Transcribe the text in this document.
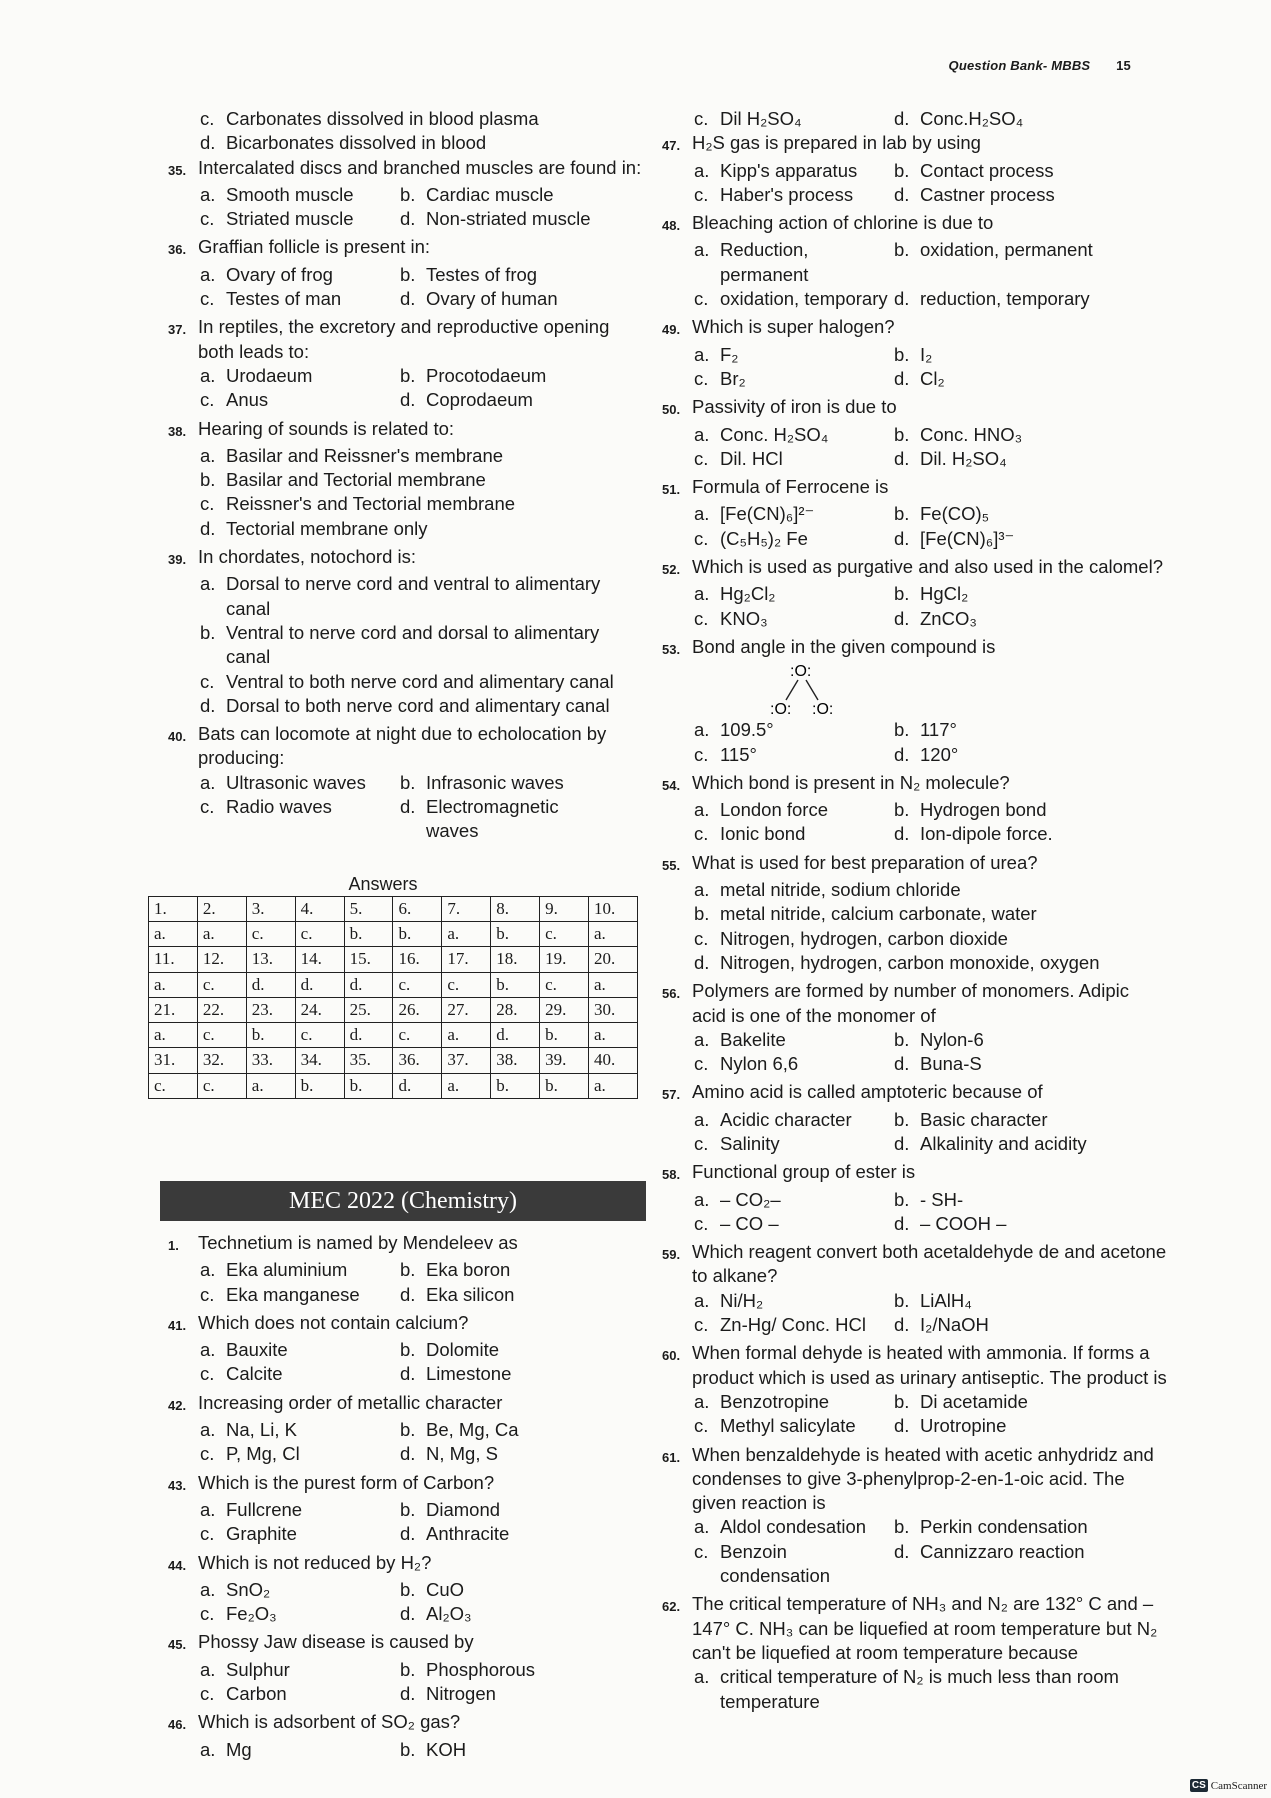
Question Bank- MBBS 15
c. Carbonates dissolved in blood plasma
d. Bicarbonates dissolved in blood
35. Intercalated discs and branched muscles are found in:
a. Smooth muscle	b. Cardiac muscle
c. Striated muscle	d. Non-striated muscle
36. Graffian follicle is present in:
a. Ovary of frog	b. Testes of frog
c. Testes of man	d. Ovary of human
37. In reptiles, the excretory and reproductive opening both leads to:
a. Urodaeum	b. Procotodaeum
c. Anus	d. Coprodaeum
38. Hearing of sounds is related to:
a. Basilar and Reissner's membrane
b. Basilar and Tectorial membrane
c. Reissner's and Tectorial membrane
d. Tectorial membrane only
39. In chordates, notochord is:
a. Dorsal to nerve cord and ventral to alimentary canal
b. Ventral to nerve cord and dorsal to alimentary canal
c. Ventral to both nerve cord and alimentary canal
d. Dorsal to both nerve cord and alimentary canal
40. Bats can locomote at night due to echolocation by producing:
a. Ultrasonic waves b. Infrasonic waves
c. Radio waves	d. Electromagnetic waves
Answers
1.	2.	3.	4.	5.	6.	7.	8.	9.	10.
a.	a.	c.	c.	b.	b.	a.	b.	c.	a.
11.	12.	13.	14.	15.	16.	17.	18.	19.	20.
a.	c.	d.	d.	d.	c.	c.	b.	c.	a.
21.	22.	23.	24.	25.	26.	27.	28.	29.	30.
a.	c.	b.	c.	d.	c.	a.	d.	b.	a.
31.	32.	33.	34.	35.	36.	37.	38.	39.	40.
c.	c.	a.	b.	b.	d.	a.	b.	b.	a.
MEC 2022 (Chemistry)
1.	Technetium is named by Mendeleev as
a. Eka aluminium	b. Eka boron
c. Eka manganese d. Eka silicon
41. Which does not contain calcium?
a. Bauxite	b. Dolomite
c. Calcite	d. Limestone
42. Increasing order of metallic character
a. Na, Li, K	b. Be, Mg, Ca
c. P, Mg, Cl	d. N, Mg, S
43. Which is the purest form of Carbon?
a. Fullcrene	b. Diamond
c. Graphite	d. Anthracite
44. Which is not reduced by H₂?
a. SnO₂	b. CuO
c. Fe₂O₃	d. Al₂O₃
45. Phossy Jaw disease is caused by
a. Sulphur	b. Phosphorous
c. Carbon	d. Nitrogen
46. Which is adsorbent of SO₂ gas?
a. Mg	b. KOH
c. Dil H₂SO₄	d. Conc.H₂SO₄
47. H₂S gas is prepared in lab by using
a. Kipp's apparatus b. Contact process
c. Haber's process d. Castner process
48. Bleaching action of chlorine is due to
a. Reduction, permanent
b. oxidation, permanent
c. oxidation, temporary d. reduction, temporary
49. Which is super halogen?
a. F₂	b. I₂
c. Br₂	d. Cl₂
50. Passivity of iron is due to
a. Conc. H₂SO₄	b. Conc. HNO₃
c. Dil. HCl	d. Dil. H₂SO₄
51. Formula of Ferrocene is
a. [Fe(CN)₆]²⁻	b. Fe(CO)₅
c. (C₅H₅)₂ Fe	d. [Fe(CN)₆]³⁻
52. Which is used as purgative and also used in the calomel?
a. Hg₂Cl₂	b. HgCl₂
c. KNO₃	d. ZnCO₃
53. Bond angle in the given compound is
:O:
:O: :O:
a. 109.5°	b. 117°
c. 115°	d. 120°
54. Which bond is present in N₂ molecule?
a. London force	b. Hydrogen bond
c. Ionic bond	d. Ion-dipole force.
55. What is used for best preparation of urea?
a. metal nitride, sodium chloride
b. metal nitride, calcium carbonate, water
c. Nitrogen, hydrogen, carbon dioxide
d. Nitrogen, hydrogen, carbon monoxide, oxygen
56. Polymers are formed by number of monomers. Adipic acid is one of the monomer of
a. Bakelite	b. Nylon-6
c. Nylon 6,6	d. Buna-S
57. Amino acid is called amptoteric because of
a. Acidic character b. Basic character
c. Salinity	d. Alkalinity and acidity
58. Functional group of ester is
a. – CO₂–	b. - SH-
c. – CO –	d. – COOH –
59. Which reagent convert both acetaldehyde de and acetone to alkane?
a. Ni/H₂	b. LiAlH₄
c. Zn-Hg/ Conc. HCl d. I₂/NaOH
60. When formal dehyde is heated with ammonia. If forms a product which is used as urinary antiseptic. The product is
a. Benzotropine	b. Di acetamide
c. Methyl salicylate d. Urotropine
61. When benzaldehyde is heated with acetic anhydridz and condenses to give 3-phenylprop-2-en-1-oic acid. The given reaction is
a. Aldol condesation b. Perkin condensation
c. Benzoin condensation
d. Cannizzaro reaction
62. The critical temperature of NH₃ and N₂ are 132° C and – 147° C. NH₃ can be liquefied at room temperature but N₂ can't be liquefied at room temperature because
a. critical temperature of N₂ is much less than room temperature
CS CamScanner
